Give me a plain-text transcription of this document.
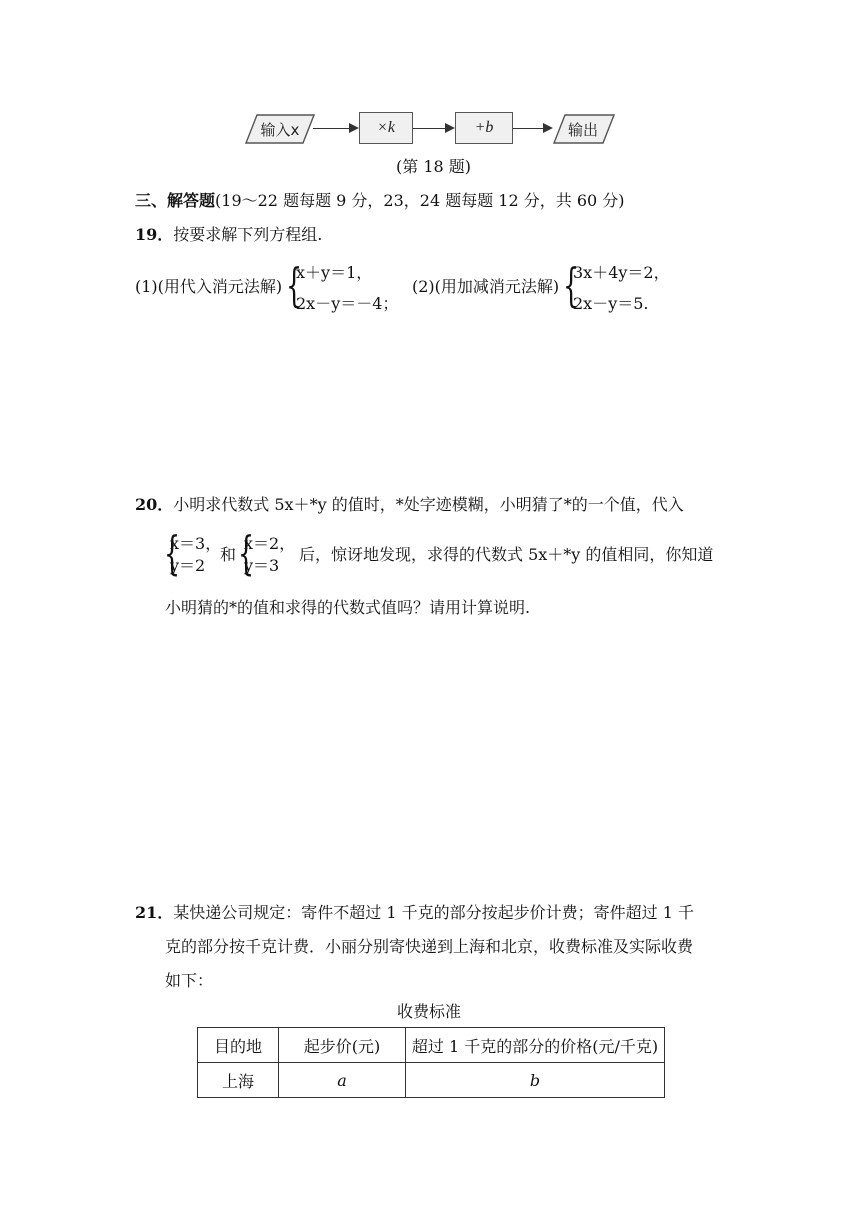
输入x	×k	+b	输出
(第 18 题)
三、解答题(19～22 题每题 9 分，23，24 题每题 12 分，共 60 分)
19．按要求解下列方程组.
(1)(用代入消元法解) {
x＋y＝1，
2x－y＝－4；
(2)(用加减消元法解) {
3x＋4y＝2，
2x－y＝5.
20．小明求代数式 5x＋*y 的值时，*处字迹模糊，小明猜了*的一个值，代入
{
x＝3，
y＝2
和 {
x＝2，
y＝3
后，惊讶地发现，求得的代数式 5x＋*y 的值相同，你知道
小明猜的*的值和求得的代数式值吗？请用计算说明.
21．某快递公司规定：寄件不超过 1 千克的部分按起步价计费；寄件超过 1 千
克的部分按千克计费．小丽分别寄快递到上海和北京，收费标准及实际收费
如下：
收费标准
目的地	起步价(元)	超过 1 千克的部分的价格(元/千克)
上海	a	b
